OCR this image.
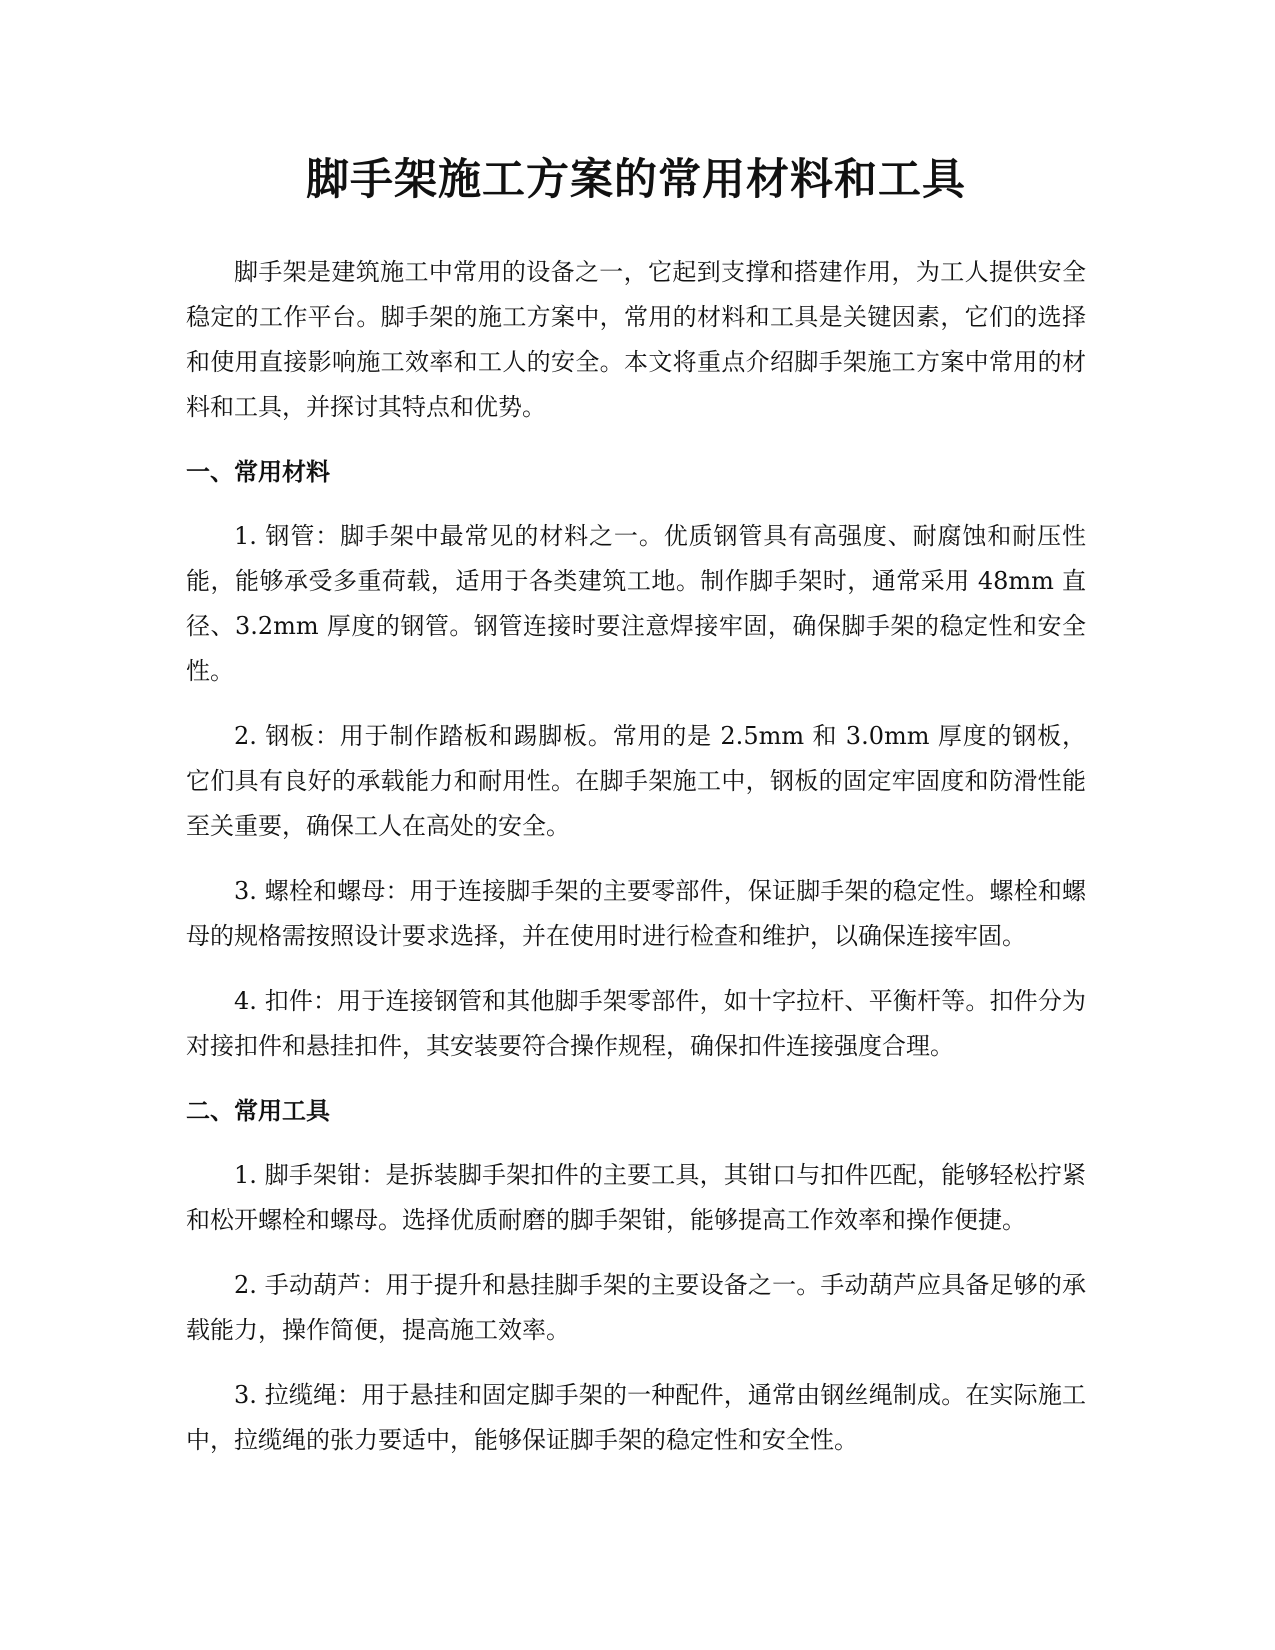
脚手架施工方案的常用材料和工具

脚手架是建筑施工中常用的设备之一，它起到支撑和搭建作用，为工人提供安全稳定的工作平台。脚手架的施工方案中，常用的材料和工具是关键因素，它们的选择和使用直接影响施工效率和工人的安全。本文将重点介绍脚手架施工方案中常用的材料和工具，并探讨其特点和优势。

一、常用材料

1. 钢管：脚手架中最常见的材料之一。优质钢管具有高强度、耐腐蚀和耐压性能，能够承受多重荷载，适用于各类建筑工地。制作脚手架时，通常采用 48mm 直径、3.2mm 厚度的钢管。钢管连接时要注意焊接牢固，确保脚手架的稳定性和安全性。

2. 钢板：用于制作踏板和踢脚板。常用的是 2.5mm 和 3.0mm 厚度的钢板，它们具有良好的承载能力和耐用性。在脚手架施工中，钢板的固定牢固度和防滑性能至关重要，确保工人在高处的安全。

3. 螺栓和螺母：用于连接脚手架的主要零部件，保证脚手架的稳定性。螺栓和螺母的规格需按照设计要求选择，并在使用时进行检查和维护，以确保连接牢固。

4. 扣件：用于连接钢管和其他脚手架零部件，如十字拉杆、平衡杆等。扣件分为对接扣件和悬挂扣件，其安装要符合操作规程，确保扣件连接强度合理。

二、常用工具

1. 脚手架钳：是拆装脚手架扣件的主要工具，其钳口与扣件匹配，能够轻松拧紧和松开螺栓和螺母。选择优质耐磨的脚手架钳，能够提高工作效率和操作便捷。

2. 手动葫芦：用于提升和悬挂脚手架的主要设备之一。手动葫芦应具备足够的承载能力，操作简便，提高施工效率。

3. 拉缆绳：用于悬挂和固定脚手架的一种配件，通常由钢丝绳制成。在实际施工中，拉缆绳的张力要适中，能够保证脚手架的稳定性和安全性。
